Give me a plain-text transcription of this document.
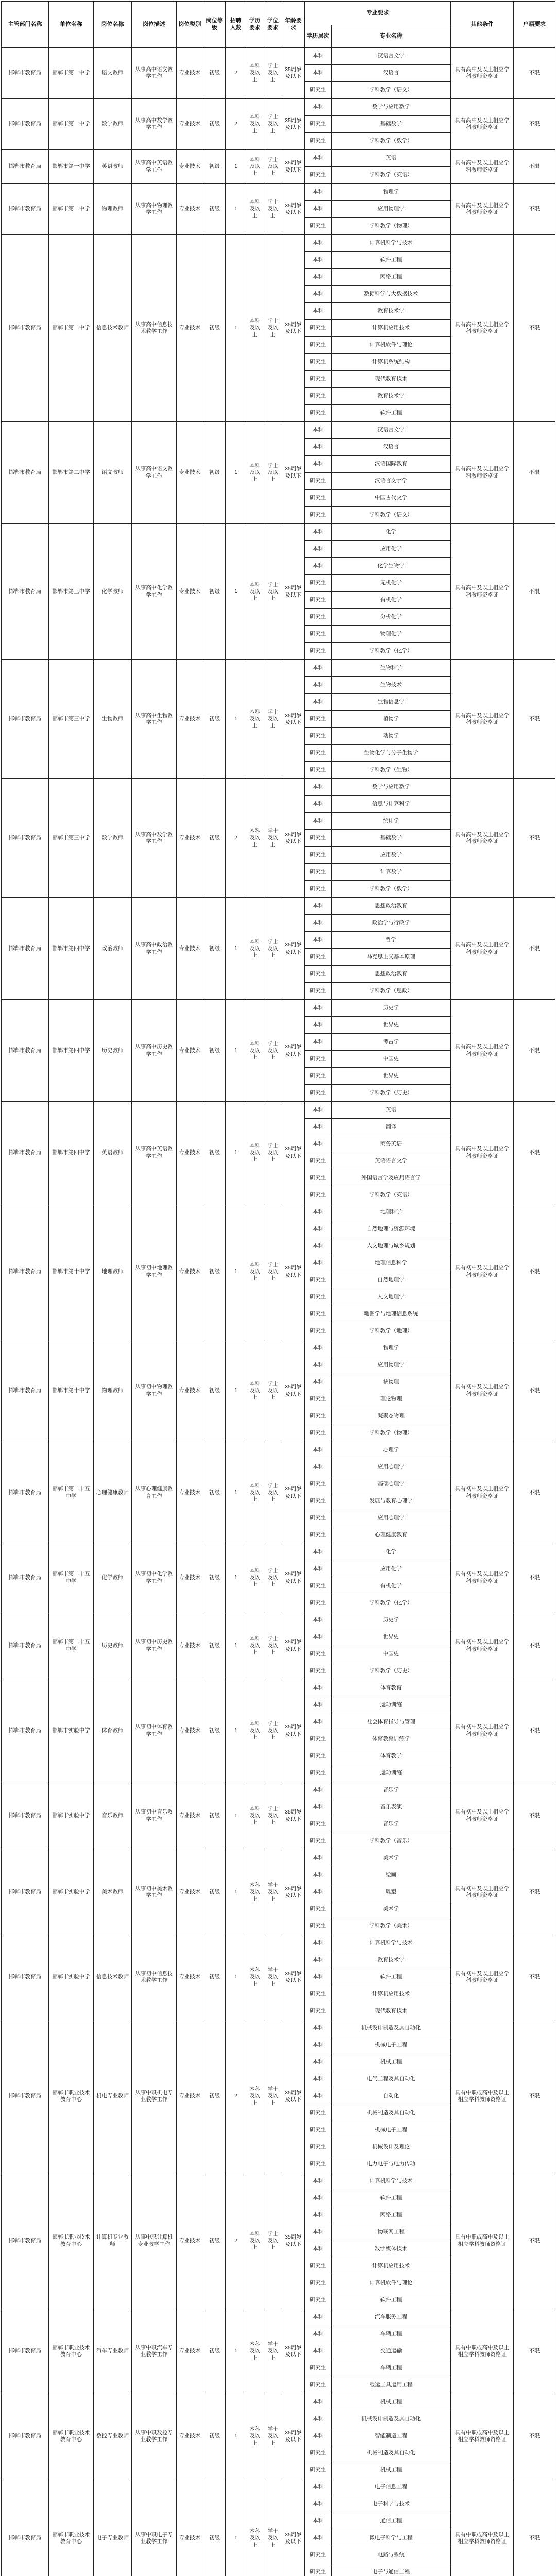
主管部门名称	单位名称	岗位名称	岗位描述	岗位类别	岗位等级	招聘人数	学历要求	学位要求	年龄要求	专业要求		其他条件	户籍要求
										学历层次	专业名称		
邯郸市教育局	邯郸市第一中学	语文教师	从事高中语文教学工作	专业技术	初级	2	本科及以上	学士及以上	35周岁及以下	本科	汉语言文学	具有高中及以上相应学科教师资格证	不限
										本科	汉语言		
										研究生	学科教学（语文）		
邯郸市教育局	邯郸市第一中学	数学教师	从事高中数学教学工作	专业技术	初级	2	本科及以上	学士及以上	35周岁及以下	本科	数学与应用数学	具有高中及以上相应学科教师资格证	不限
										研究生	基础数学		
										研究生	学科教学（数学）		
邯郸市教育局	邯郸市第一中学	英语教师	从事高中英语教学工作	专业技术	初级	1	本科及以上	学士及以上	35周岁及以下	本科	英语	具有高中及以上相应学科教师资格证	不限
										研究生	学科教学（英语）		
邯郸市教育局	邯郸市第二中学	物理教师	从事高中物理教学工作	专业技术	初级	1	本科及以上	学士及以上	35周岁及以下	本科	物理学	具有高中及以上相应学科教师资格证	不限
										本科	应用物理学		
										研究生	学科教学（物理）		
邯郸市教育局	邯郸市第二中学	信息技术教师	从事高中信息技术教学工作	专业技术	初级	1	本科及以上	学士及以上	35周岁及以下	本科	计算机科学与技术	具有高中及以上相应学科教师资格证	不限
										本科	软件工程		
										本科	网络工程		
										本科	数据科学与大数据技术		
										本科	教育技术学		
										研究生	计算机应用技术		
										研究生	计算机软件与理论		
										研究生	计算机系统结构		
										研究生	现代教育技术		
										研究生	教育技术学		
										研究生	软件工程		
邯郸市教育局	邯郸市第二中学	语文教师	从事高中语文教学工作	专业技术	初级	1	本科及以上	学士及以上	35周岁及以下	本科	汉语言文学	具有高中及以上相应学科教师资格证	不限
										本科	汉语言		
										本科	汉语国际教育		
										研究生	汉语言文字学		
										研究生	中国古代文学		
										研究生	学科教学（语文）		
邯郸市教育局	邯郸市第三中学	化学教师	从事高中化学教学工作	专业技术	初级	1	本科及以上	学士及以上	35周岁及以下	本科	化学	具有高中及以上相应学科教师资格证	不限
										本科	应用化学		
										本科	化学生物学		
										研究生	无机化学		
										研究生	有机化学		
										研究生	分析化学		
										研究生	物理化学		
										研究生	学科教学（化学）		
邯郸市教育局	邯郸市第三中学	生物教师	从事高中生物教学工作	专业技术	初级	1	本科及以上	学士及以上	35周岁及以下	本科	生物科学	具有高中及以上相应学科教师资格证	不限
										本科	生物技术		
										本科	生物信息学		
										研究生	植物学		
										研究生	动物学		
										研究生	生物化学与分子生物学		
										研究生	学科教学（生物）		
邯郸市教育局	邯郸市第三中学	数学教师	从事高中数学教学工作	专业技术	初级	2	本科及以上	学士及以上	35周岁及以下	本科	数学与应用数学	具有高中及以上相应学科教师资格证	不限
										本科	信息与计算科学		
										本科	统计学		
										研究生	基础数学		
										研究生	应用数学		
										研究生	计算数学		
										研究生	学科教学（数学）		
邯郸市教育局	邯郸市第四中学	政治教师	从事高中政治教学工作	专业技术	初级	1	本科及以上	学士及以上	35周岁及以下	本科	思想政治教育	具有高中及以上相应学科教师资格证	不限
										本科	政治学与行政学		
										本科	哲学		
										研究生	马克思主义基本原理		
										研究生	思想政治教育		
										研究生	学科教学（思政）		
邯郸市教育局	邯郸市第四中学	历史教师	从事高中历史教学工作	专业技术	初级	1	本科及以上	学士及以上	35周岁及以下	本科	历史学	具有高中及以上相应学科教师资格证	不限
										本科	世界史		
										本科	考古学		
										研究生	中国史		
										研究生	世界史		
										研究生	学科教学（历史）		
邯郸市教育局	邯郸市第四中学	英语教师	从事高中英语教学工作	专业技术	初级	1	本科及以上	学士及以上	35周岁及以下	本科	英语	具有高中及以上相应学科教师资格证	不限
										本科	翻译		
										本科	商务英语		
										研究生	英语语言文学		
										研究生	外国语言学及应用语言学		
										研究生	学科教学（英语）		
邯郸市教育局	邯郸市第十中学	地理教师	从事初中地理教学工作	专业技术	初级	1	本科及以上	学士及以上	35周岁及以下	本科	地理科学	具有初中及以上相应学科教师资格证	不限
										本科	自然地理与资源环境		
										本科	人文地理与城乡规划		
										本科	地理信息科学		
										研究生	自然地理学		
										研究生	人文地理学		
										研究生	地图学与地理信息系统		
										研究生	学科教学（地理）		
邯郸市教育局	邯郸市第十中学	物理教师	从事初中物理教学工作	专业技术	初级	1	本科及以上	学士及以上	35周岁及以下	本科	物理学	具有初中及以上相应学科教师资格证	不限
										本科	应用物理学		
										本科	核物理		
										研究生	理论物理		
										研究生	凝聚态物理		
										研究生	学科教学（物理）		
邯郸市教育局	邯郸市第二十五中学	心理健康教师	从事心理健康教育工作	专业技术	初级	1	本科及以上	学士及以上	35周岁及以下	本科	心理学	具有初中及以上相应学科教师资格证	不限
										本科	应用心理学		
										研究生	基础心理学		
										研究生	发展与教育心理学		
										研究生	应用心理学		
										研究生	心理健康教育		
邯郸市教育局	邯郸市第二十五中学	化学教师	从事初中化学教学工作	专业技术	初级	1	本科及以上	学士及以上	35周岁及以下	本科	化学	具有初中及以上相应学科教师资格证	不限
										本科	应用化学		
										研究生	有机化学		
										研究生	学科教学（化学）		
邯郸市教育局	邯郸市第二十五中学	历史教师	从事初中历史教学工作	专业技术	初级	1	本科及以上	学士及以上	35周岁及以下	本科	历史学	具有初中及以上相应学科教师资格证	不限
										本科	世界史		
										研究生	中国史		
										研究生	学科教学（历史）		
邯郸市教育局	邯郸市实验中学	体育教师	从事初中体育教学工作	专业技术	初级	1	本科及以上	学士及以上	35周岁及以下	本科	体育教育	具有初中及以上相应学科教师资格证	不限
										本科	运动训练		
										本科	社会体育指导与管理		
										研究生	体育教育训练学		
										研究生	体育教学		
										研究生	运动训练		
邯郸市教育局	邯郸市实验中学	音乐教师	从事初中音乐教学工作	专业技术	初级	1	本科及以上	学士及以上	35周岁及以下	本科	音乐学	具有初中及以上相应学科教师资格证	不限
										本科	音乐表演		
										研究生	音乐学		
										研究生	学科教学（音乐）		
邯郸市教育局	邯郸市实验中学	美术教师	从事初中美术教学工作	专业技术	初级	1	本科及以上	学士及以上	35周岁及以下	本科	美术学	具有初中及以上相应学科教师资格证	不限
										本科	绘画		
										本科	雕塑		
										研究生	美术学		
										研究生	学科教学（美术）		
邯郸市教育局	邯郸市实验中学	信息技术教师	从事初中信息技术教学工作	专业技术	初级	1	本科及以上	学士及以上	35周岁及以下	本科	计算机科学与技术	具有初中及以上相应学科教师资格证	不限
										本科	教育技术学		
										本科	软件工程		
										研究生	计算机应用技术		
										研究生	现代教育技术		
邯郸市教育局	邯郸市职业技术教育中心	机电专业教师	从事中职机电专业教学工作	专业技术	初级	2	本科及以上	学士及以上	35周岁及以下	本科	机械设计制造及其自动化	具有中职或高中及以上相应学科教师资格证	不限
										本科	机械电子工程		
										本科	机械工程		
										本科	电气工程及其自动化		
										本科	自动化		
										研究生	机械制造及其自动化		
										研究生	机械电子工程		
										研究生	机械设计及理论		
										研究生	电力电子与电力传动		
邯郸市教育局	邯郸市职业技术教育中心	计算机专业教师	从事中职计算机专业教学工作	专业技术	初级	2	本科及以上	学士及以上	35周岁及以下	本科	计算机科学与技术	具有中职或高中及以上相应学科教师资格证	不限
										本科	软件工程		
										本科	网络工程		
										本科	物联网工程		
										本科	数字媒体技术		
										研究生	计算机应用技术		
										研究生	计算机软件与理论		
										研究生	软件工程		
邯郸市教育局	邯郸市职业技术教育中心	汽车专业教师	从事中职汽车专业教学工作	专业技术	初级	1	本科及以上	学士及以上	35周岁及以下	本科	汽车服务工程	具有中职或高中及以上相应学科教师资格证	不限
										本科	车辆工程		
										本科	交通运输		
										研究生	车辆工程		
										研究生	载运工具运用工程		
邯郸市教育局	邯郸市职业技术教育中心	数控专业教师	从事中职数控专业教学工作	专业技术	初级	1	本科及以上	学士及以上	35周岁及以下	本科	机械工程	具有中职或高中及以上相应学科教师资格证	不限
										本科	机械设计制造及其自动化		
										本科	智能制造工程		
										研究生	机械制造及其自动化		
										研究生	机械工程		
邯郸市教育局	邯郸市职业技术教育中心	电子专业教师	从事中职电子专业教学工作	专业技术	初级	1	本科及以上	学士及以上	35周岁及以下	本科	电子信息工程	具有中职或高中及以上相应学科教师资格证	不限
										本科	电子科学与技术		
										本科	通信工程		
										本科	微电子科学与工程		
										研究生	电路与系统		
										研究生	电子与通信工程		
